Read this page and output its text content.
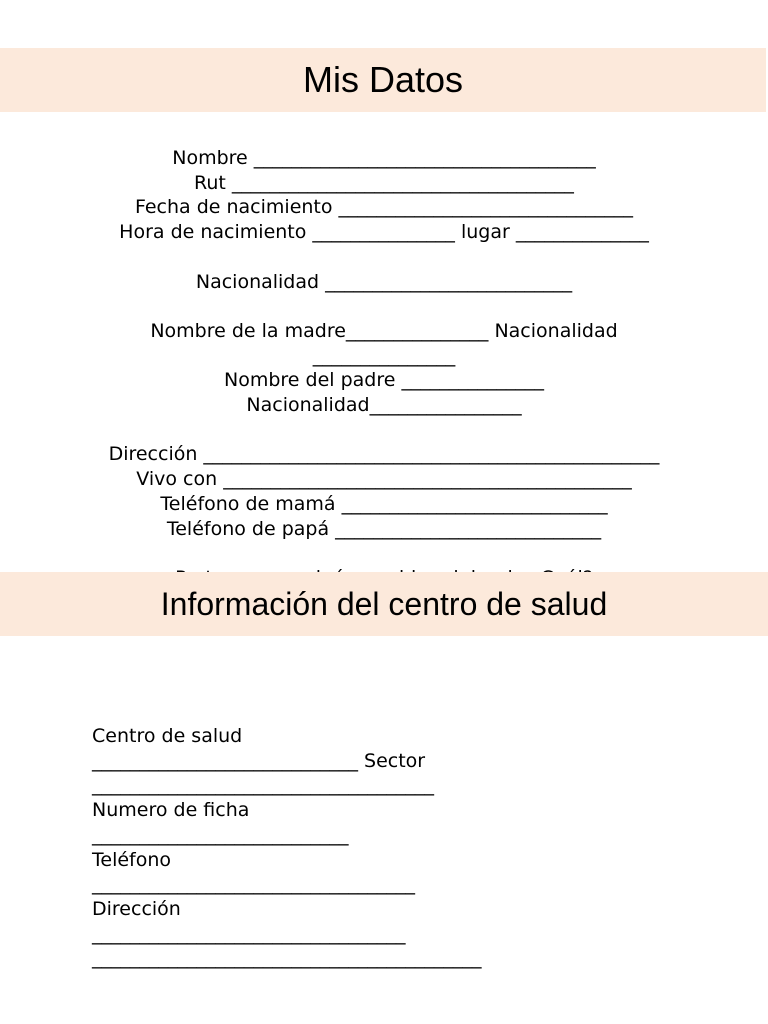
Mis Datos
Nombre ____________________________________
Rut ____________________________________
Fecha de nacimiento _______________________________
Hora de nacimiento _______________ lugar ______________
Nacionalidad __________________________
Nombre de la madre_______________ Nacionalidad
_______________
Nombre del padre _______________
Nacionalidad________________
Dirección ________________________________________________
Vivo con ___________________________________________
Teléfono de mamá ____________________________
Teléfono de papá ____________________________
Información del centro de salud
Centro de salud
____________________________ Sector
____________________________________
Numero de ficha
___________________________
Teléfono
__________________________________
Dirección
_________________________________
_________________________________________
